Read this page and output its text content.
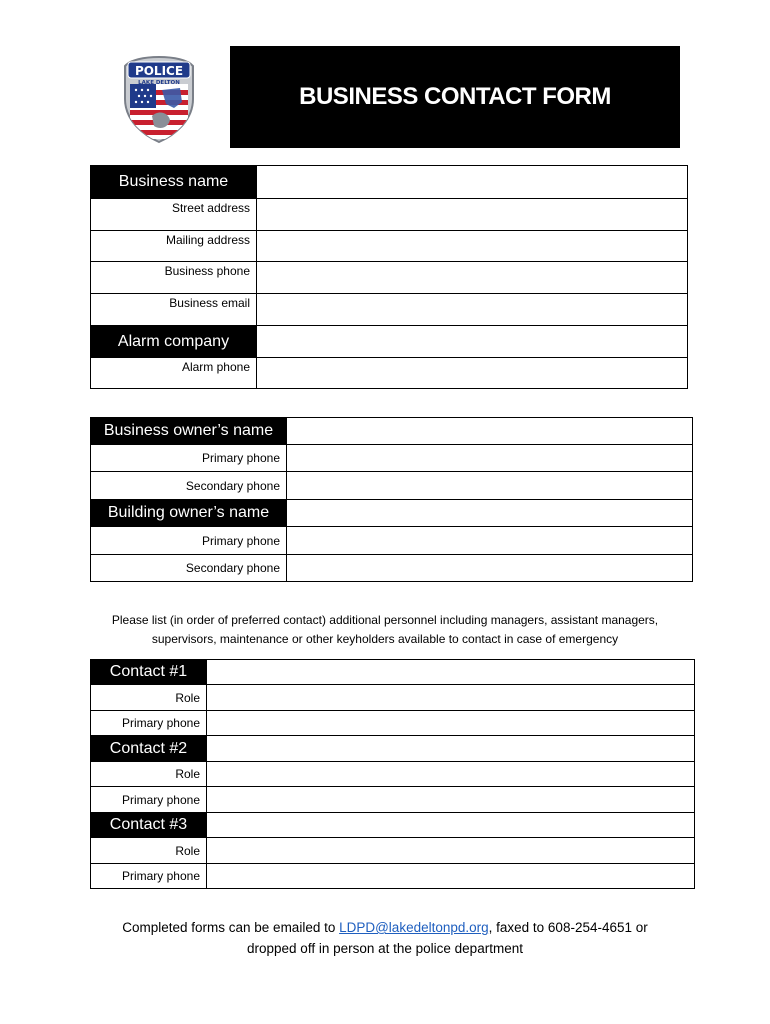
POLICE
LAKE DELTON	BUSINESS CONTACT FORM
Business name	
Street address	
Mailing address	
Business phone	
Business email	
Alarm company	
Alarm phone	
Business owner’s name	
Primary phone	
Secondary phone	
Building owner’s name	
Primary phone	
Secondary phone	
Please list (in order of preferred contact) additional personnel including managers, assistant managers,
supervisors, maintenance or other keyholders available to contact in case of emergency
Contact #1	
Role	
Primary phone	
Contact #2	
Role	
Primary phone	
Contact #3	
Role	
Primary phone	
Completed forms can be emailed to LDPD@lakedeltonpd.org, faxed to 608-254-4651 or
dropped off in person at the police department
